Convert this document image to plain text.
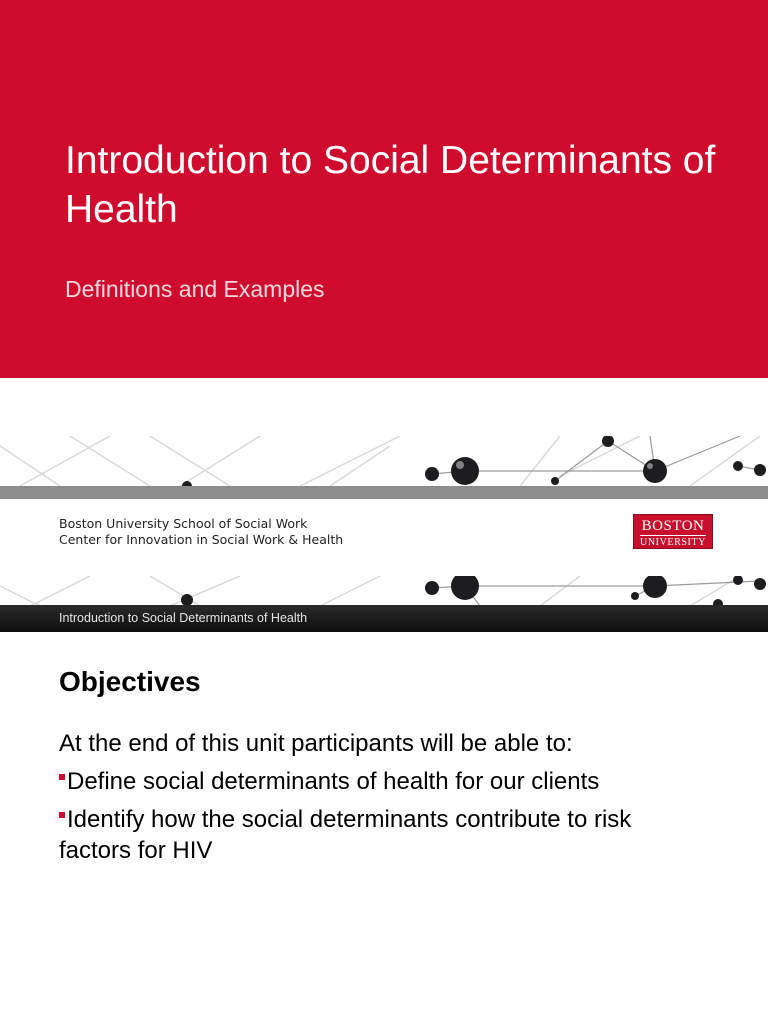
Introduction to Social Determinants of Health

Definitions and Examples

Boston University School of Social Work

Center for Innovation in Social Work & Health

BOSTON
UNIVERSITY

Introduction to Social Determinants of Health

Objectives

At the end of this unit participants will be able to:

Define social determinants of health for our clients
Identify how the social determinants contribute to risk factors for HIV
